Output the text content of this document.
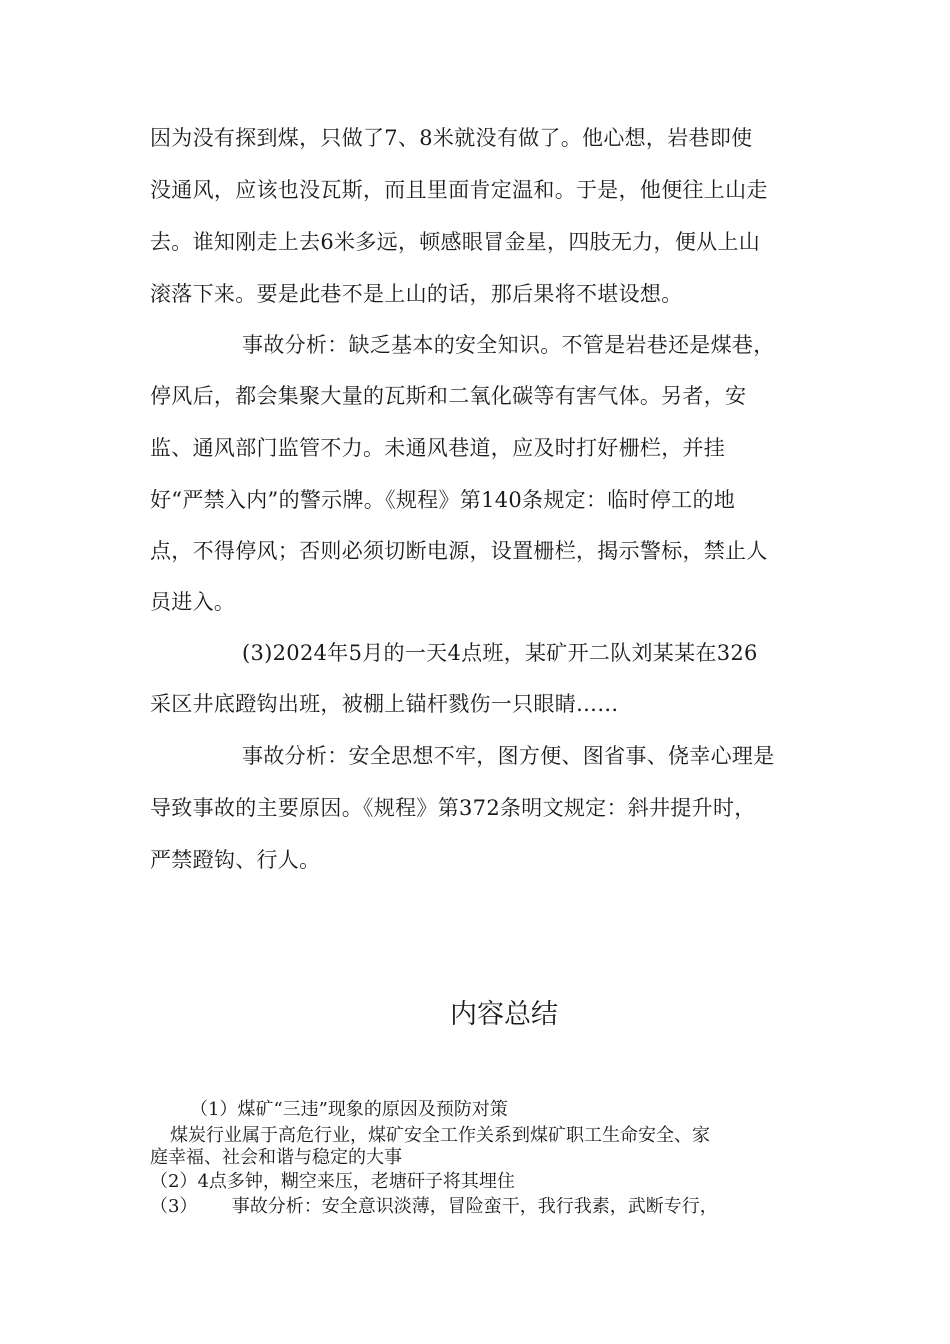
因为没有探到煤，只做了7、8米就没有做了。他心想，岩巷即使
没通风，应该也没瓦斯，而且里面肯定温和。于是，他便往上山走
去。谁知刚走上去6米多远，顿感眼冒金星，四肢无力，便从上山
滚落下来。要是此巷不是上山的话，那后果将不堪设想。
事故分析：缺乏基本的安全知识。不管是岩巷还是煤巷，
停风后，都会集聚大量的瓦斯和二氧化碳等有害气体。另者，安
监、通风部门监管不力。未通风巷道，应及时打好栅栏，并挂
好“严禁入内”的警示牌。《规程》第140条规定：临时停工的地
点，不得停风；否则必须切断电源，设置栅栏，揭示警标，禁止人
员进入。
(3)2024年5月的一天4点班，某矿开二队刘某某在326
采区井底蹬钩出班，被棚上锚杆戮伤一只眼睛……
事故分析：安全思想不牢，图方便、图省事、侥幸心理是
导致事故的主要原因。《规程》第372条明文规定：斜井提升时，
严禁蹬钩、行人。
内容总结
（1）煤矿“三违”现象的原因及预防对策
煤炭行业属于高危行业，煤矿安全工作关系到煤矿职工生命安全、家
庭幸福、社会和谐与稳定的大事
（2）4点多钟，糊空来压，老塘矸子将其埋住
（3）      事故分析：安全意识淡薄，冒险蛮干，我行我素，武断专行，
